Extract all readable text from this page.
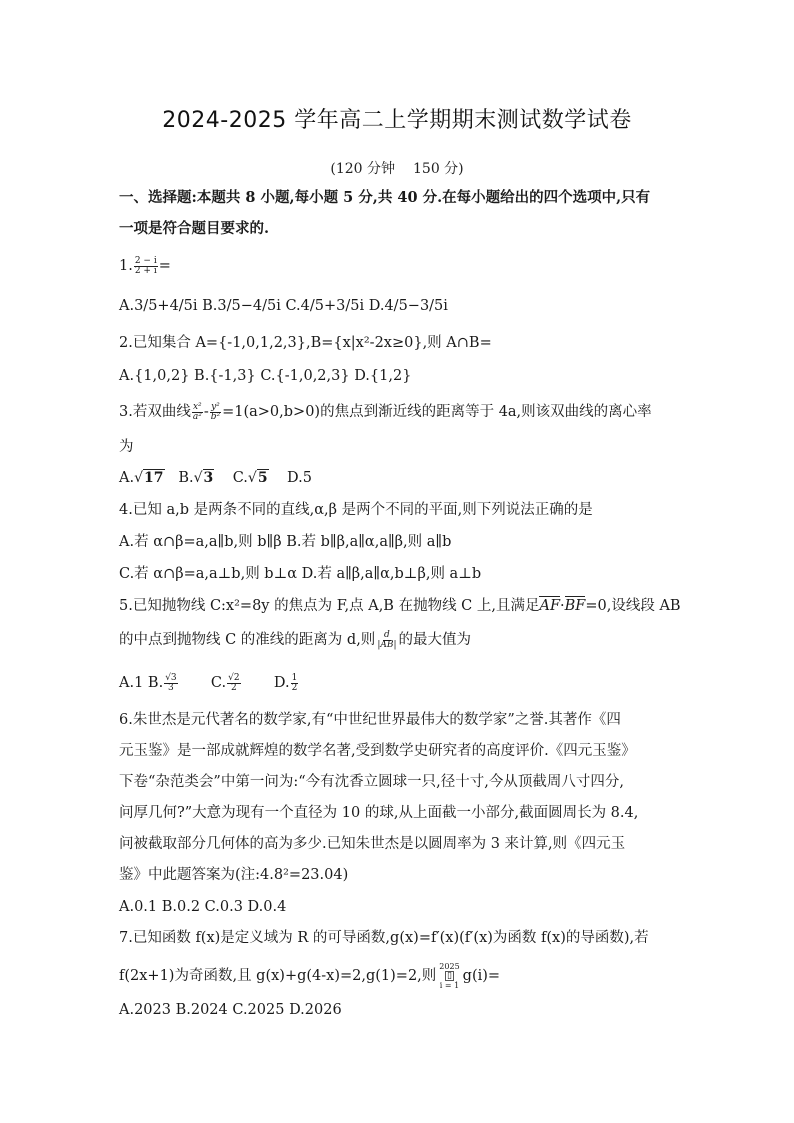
2024-2025 学年高二上学期期末测试数学试卷
(120 分钟 150 分)
一、选择题:本题共 8 小题,每小题 5 分,共 40 分.在每小题给出的四个选项中,只有
一项是符合题目要求的.
1. $\frac{2 - i}{2 + i}$ =
A.3/5+4/5i B.3/5−4/5i C.4/5+3/5i D.4/5−3/5i
2.已知集合 A={-1,0,1,2,3},B={x|x²-2x≥0},则 A∩B=
A.{1,0,2} B.{-1,3} C.{-1,0,2,3} D.{1,2}
3.若双曲线 $\frac{\text{x²}}{\text{a²}} - \frac{\text{y²}}{\text{b²}} =1(a>0,b>0)$的焦点到渐近线的距离等于 4a,则该双曲线的离心率
为
A.√17 B.√3 C.√5 D.5
4.已知 a,b 是两条不同的直线,α,β 是两个不同的平面,则下列说法正确的是
A.若 α∩β=a,a∥b,则 b∥β B.若 b∥β,a∥α,a∥β,则 a∥b
C.若 α∩β=a,a⊥b,则 b⊥α D.若 a∥β,a∥α,b⊥β,则 a⊥b
5.已知抛物线 C:x²=8y 的焦点为 F,点 A,B 在抛物线 C 上,且满足AF·BF=0,设线段 AB
的中点到抛物线 C 的准线的距离为 d,则 $\frac{d}{|AB|}$ 的最大值为
A.1 B. $\frac{√3}{3} C$. $\frac{√2}{2} D$. $\frac{1}{2}$
6.朱世杰是元代著名的数学家,有“中世纪世界最伟大的数学家”之誉.其著作《四
元玉鉴》是一部成就辉煌的数学名著,受到数学史研究者的高度评价.《四元玉鉴》
下卷“杂范类会”中第一问为:“今有沈香立圆球一只,径十寸,今从顶截周八寸四分,
问厚几何?”大意为现有一个直径为 10 的球,从上面截一小部分,截面圆周长为 8.4,
问被截取部分几何体的高为多少.已知朱世杰是以圆周率为 3 来计算,则《四元玉
鉴》中此题答案为(注:4.8²=23.04)
A.0.1 B.0.2 C.0.3 D.0.4
7.已知函数 f(x)是定义域为 R 的可导函数,g(x)=f′(x)(f′(x)为函数 f(x)的导函数),若
f(2x+1)为奇函数,且 g(x)+g(4-x)=2,g(1)=2,则
2025
▯
i = 1
g(i)=
A.2023 B.2024 C.2025 D.2026
